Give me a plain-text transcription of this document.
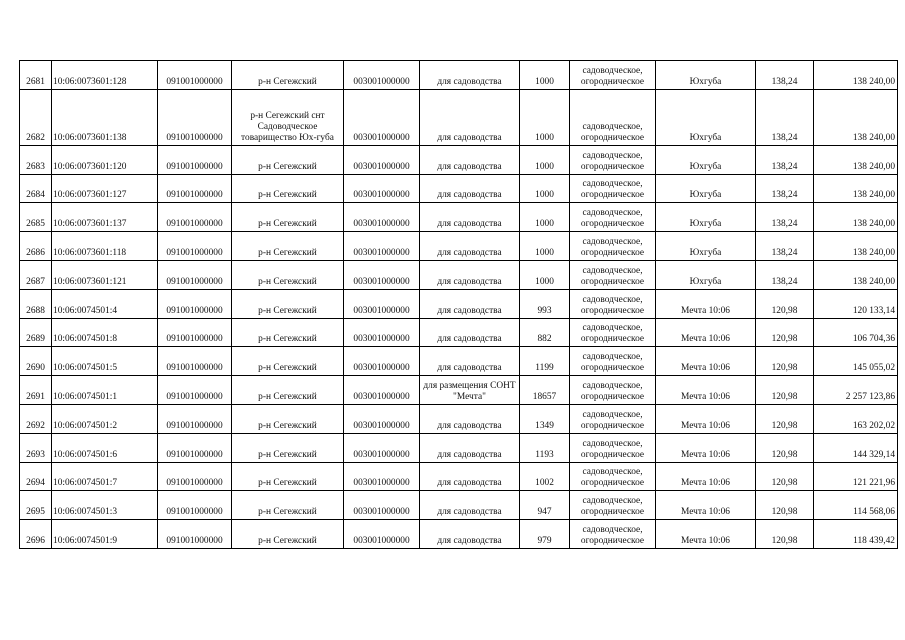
2681	10:06:0073601:128	091001000000	р-н Сегежский	003001000000	для садоводства	1000	садоводческое, огородническое	Юхгуба	138,24	138 240,00
2682	10:06:0073601:138	091001000000	р-н Сегежский снт Садоводческое товарищество Юх-губа	003001000000	для садоводства	1000	садоводческое, огородническое	Юхгуба	138,24	138 240,00
2683	10:06:0073601:120	091001000000	р-н Сегежский	003001000000	для садоводства	1000	садоводческое, огородническое	Юхгуба	138,24	138 240,00
2684	10:06:0073601:127	091001000000	р-н Сегежский	003001000000	для садоводства	1000	садоводческое, огородническое	Юхгуба	138,24	138 240,00
2685	10:06:0073601:137	091001000000	р-н Сегежский	003001000000	для садоводства	1000	садоводческое, огородническое	Юхгуба	138,24	138 240,00
2686	10:06:0073601:118	091001000000	р-н Сегежский	003001000000	для садоводства	1000	садоводческое, огородническое	Юхгуба	138,24	138 240,00
2687	10:06:0073601:121	091001000000	р-н Сегежский	003001000000	для садоводства	1000	садоводческое, огородническое	Юхгуба	138,24	138 240,00
2688	10:06:0074501:4	091001000000	р-н Сегежский	003001000000	для садоводства	993	садоводческое, огородническое	Мечта 10:06	120,98	120 133,14
2689	10:06:0074501:8	091001000000	р-н Сегежский	003001000000	для садоводства	882	садоводческое, огородническое	Мечта 10:06	120,98	106 704,36
2690	10:06:0074501:5	091001000000	р-н Сегежский	003001000000	для садоводства	1199	садоводческое, огородническое	Мечта 10:06	120,98	145 055,02
2691	10:06:0074501:1	091001000000	р-н Сегежский	003001000000	для размещения СОНТ "Мечта"	18657	садоводческое, огородническое	Мечта 10:06	120,98	2 257 123,86
2692	10:06:0074501:2	091001000000	р-н Сегежский	003001000000	для садоводства	1349	садоводческое, огородническое	Мечта 10:06	120,98	163 202,02
2693	10:06:0074501:6	091001000000	р-н Сегежский	003001000000	для садоводства	1193	садоводческое, огородническое	Мечта 10:06	120,98	144 329,14
2694	10:06:0074501:7	091001000000	р-н Сегежский	003001000000	для садоводства	1002	садоводческое, огородническое	Мечта 10:06	120,98	121 221,96
2695	10:06:0074501:3	091001000000	р-н Сегежский	003001000000	для садоводства	947	садоводческое, огородническое	Мечта 10:06	120,98	114 568,06
2696	10:06:0074501:9	091001000000	р-н Сегежский	003001000000	для садоводства	979	садоводческое, огородническое	Мечта 10:06	120,98	118 439,42
